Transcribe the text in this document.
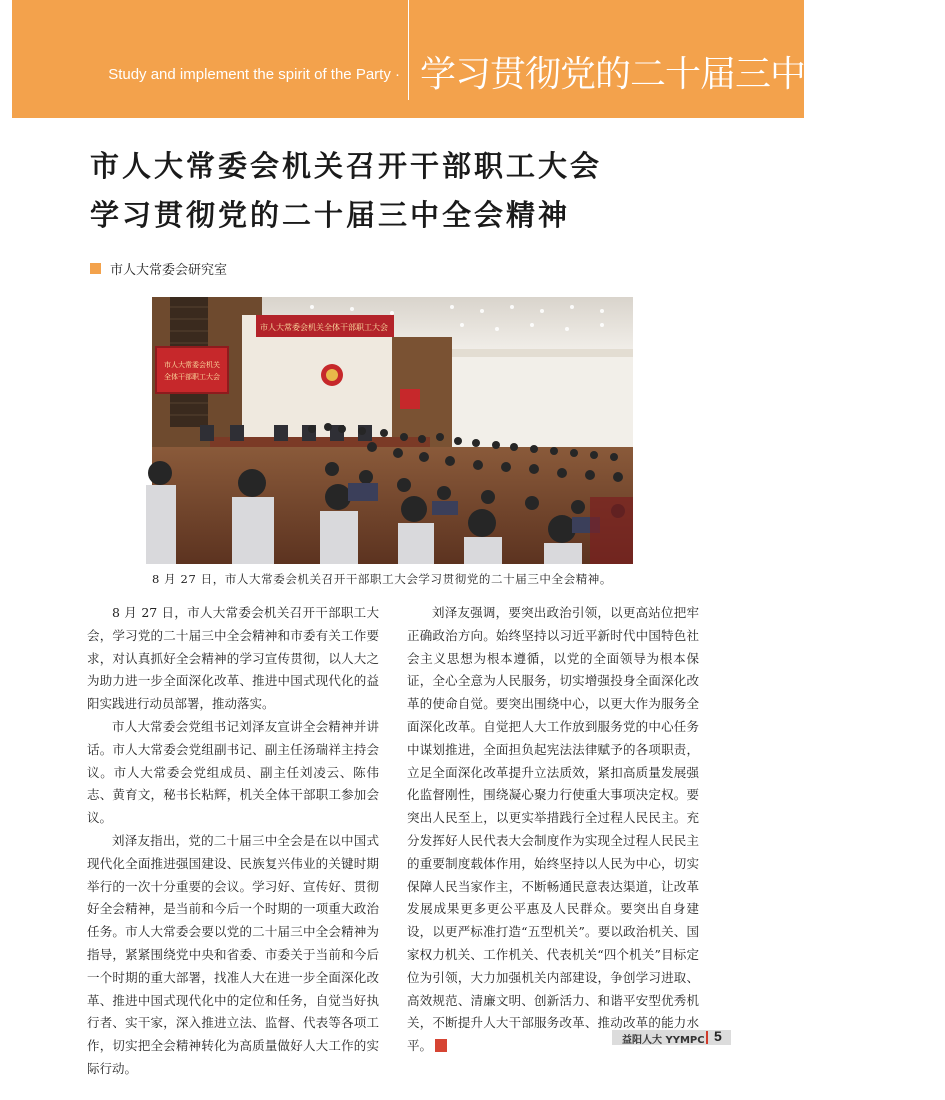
Study and implement the spirit of the Party · 学习贯彻党的二十届三中全会精神
市人大常委会机关召开干部职工大会
学习贯彻党的二十届三中全会精神
市人大常委会研究室
市人大常委会机关
全体干部职工大会
市人大常委会机关全体干部职工大会
8 月 27 日，市人大常委会机关召开干部职工大会学习贯彻党的二十届三中全会精神。

8 月 27 日，市人大常委会机关召开干部职工大会，学习党的二十届三中全会精神和市委有关工作要求，对认真抓好全会精神的学习宣传贯彻，以人大之为助力进一步全面深化改革、推进中国式现代化的益阳实践进行动员部署，推动落实。

市人大常委会党组书记刘泽友宣讲全会精神并讲话。市人大常委会党组副书记、副主任汤瑞祥主持会议。市人大常委会党组成员、副主任刘凌云、陈伟志、黄育文，秘书长粘辉，机关全体干部职工参加会议。

刘泽友指出，党的二十届三中全会是在以中国式现代化全面推进强国建设、民族复兴伟业的关键时期举行的一次十分重要的会议。学习好、宣传好、贯彻好全会精神，是当前和今后一个时期的一项重大政治任务。市人大常委会要以党的二十届三中全会精神为指导，紧紧围绕党中央和省委、市委关于当前和今后一个时期的重大部署，找准人大在进一步全面深化改革、推进中国式现代化中的定位和任务，自觉当好执行者、实干家，深入推进立法、监督、代表等各项工作，切实把全会精神转化为高质量做好人大工作的实际行动。

刘泽友强调，要突出政治引领，以更高站位把牢正确政治方向。始终坚持以习近平新时代中国特色社会主义思想为根本遵循，以党的全面领导为根本保证，全心全意为人民服务，切实增强投身全面深化改革的使命自觉。要突出围绕中心，以更大作为服务全面深化改革。自觉把人大工作放到服务党的中心任务中谋划推进，全面担负起宪法法律赋予的各项职责，立足全面深化改革提升立法质效，紧扣高质量发展强化监督刚性，围绕凝心聚力行使重大事项决定权。要突出人民至上，以更实举措践行全过程人民民主。充分发挥好人民代表大会制度作为实现全过程人民民主的重要制度载体作用，始终坚持以人民为中心，切实保障人民当家作主，不断畅通民意表达渠道，让改革发展成果更多更公平惠及人民群众。要突出自身建设，以更严标准打造“五型机关”。要以政治机关、国家权力机关、工作机关、代表机关“四个机关”目标定位为引领，大力加强机关内部建设，争创学习进取、高效规范、清廉文明、创新活力、和谐平安型优秀机关，不断提升人大干部服务改革、推动改革的能力水平。	益阳人大 YYMPC 5
